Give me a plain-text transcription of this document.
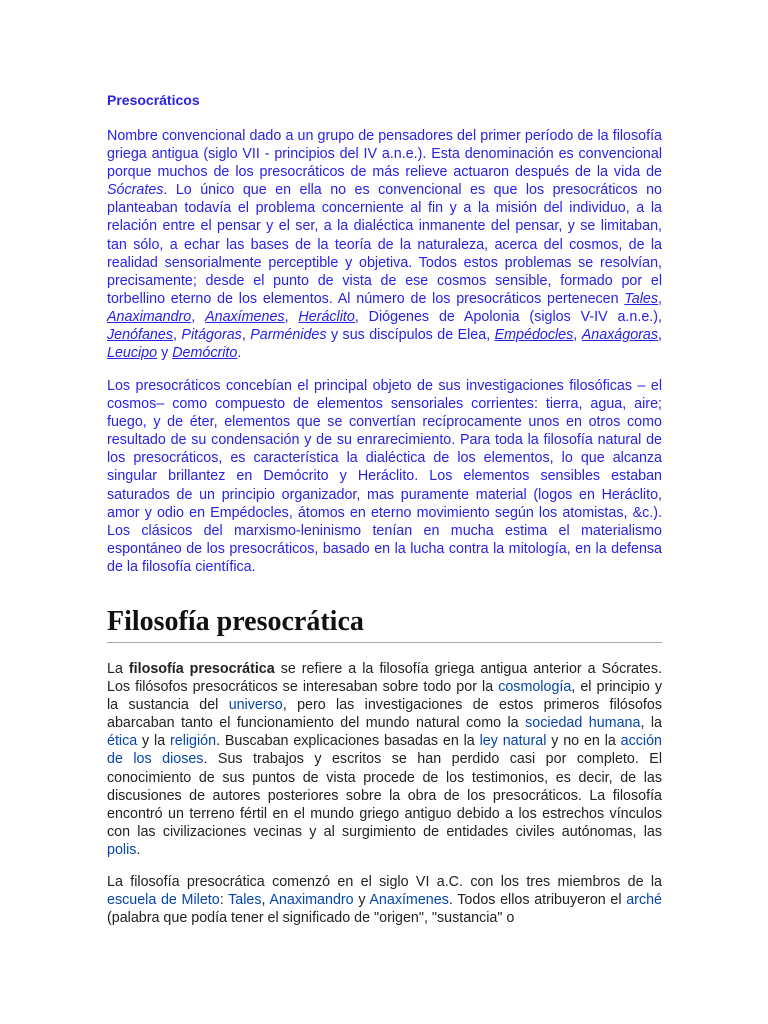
Presocráticos

Nombre convencional dado a un grupo de pensadores del primer período de la filosofía griega antigua (siglo VII - principios del IV a.n.e.). Esta denominación es convencional porque muchos de los presocráticos de más relieve actuaron después de la vida de Sócrates. Lo único que en ella no es convencional es que los presocráticos no planteaban todavía el problema concerniente al fin y a la misión del individuo, a la relación entre el pensar y el ser, a la dialéctica inmanente del pensar, y se limitaban, tan sólo, a echar las bases de la teoría de la naturaleza, acerca del cosmos, de la realidad sensorialmente perceptible y objetiva. Todos estos problemas se resolvían, precisamente; desde el punto de vista de ese cosmos sensible, formado por el torbellino eterno de los elementos. Al número de los presocráticos pertenecen Tales, Anaximandro, Anaxímenes, Heráclito, Diógenes de Apolonia (siglos V-IV a.n.e.), Jenófanes, Pitágoras, Parménides y sus discípulos de Elea, Empédocles, Anaxágoras, Leucipo y Demócrito.

Los presocráticos concebían el principal objeto de sus investigaciones filosóficas – el cosmos– como compuesto de elementos sensoriales corrientes: tierra, agua, aire; fuego, y de éter, elementos que se convertían recíprocamente unos en otros como resultado de su condensación y de su enrarecimiento. Para toda la filosofía natural de los presocráticos, es característica la dialéctica de los elementos, lo que alcanza singular brillantez en Demócrito y Heráclito. Los elementos sensibles estaban saturados de un principio organizador, mas puramente material (logos en Heráclito, amor y odio en Empédocles, átomos en eterno movimiento según los atomistas, &c.). Los clásicos del marxismo-leninismo tenían en mucha estima el materialismo espontáneo de los presocráticos, basado en la lucha contra la mitología, en la defensa de la filosofía científica.

Filosofía presocrática

La filosofía presocrática se refiere a la filosofía griega antigua anterior a Sócrates. Los filósofos presocráticos se interesaban sobre todo por la cosmología, el principio y la sustancia del universo, pero las investigaciones de estos primeros filósofos abarcaban tanto el funcionamiento del mundo natural como la sociedad humana, la ética y la religión. Buscaban explicaciones basadas en la ley natural y no en la acción de los dioses. Sus trabajos y escritos se han perdido casi por completo. El conocimiento de sus puntos de vista procede de los testimonios, es decir, de las discusiones de autores posteriores sobre la obra de los presocráticos. La filosofía encontró un terreno fértil en el mundo griego antiguo debido a los estrechos vínculos con las civilizaciones vecinas y al surgimiento de entidades civiles autónomas, las polis.

La filosofía presocrática comenzó en el siglo VI a.C. con los tres miembros de la escuela de Mileto: Tales, Anaximandro y Anaxímenes. Todos ellos atribuyeron el arché (palabra que podía tener el significado de "origen", "sustancia" o
